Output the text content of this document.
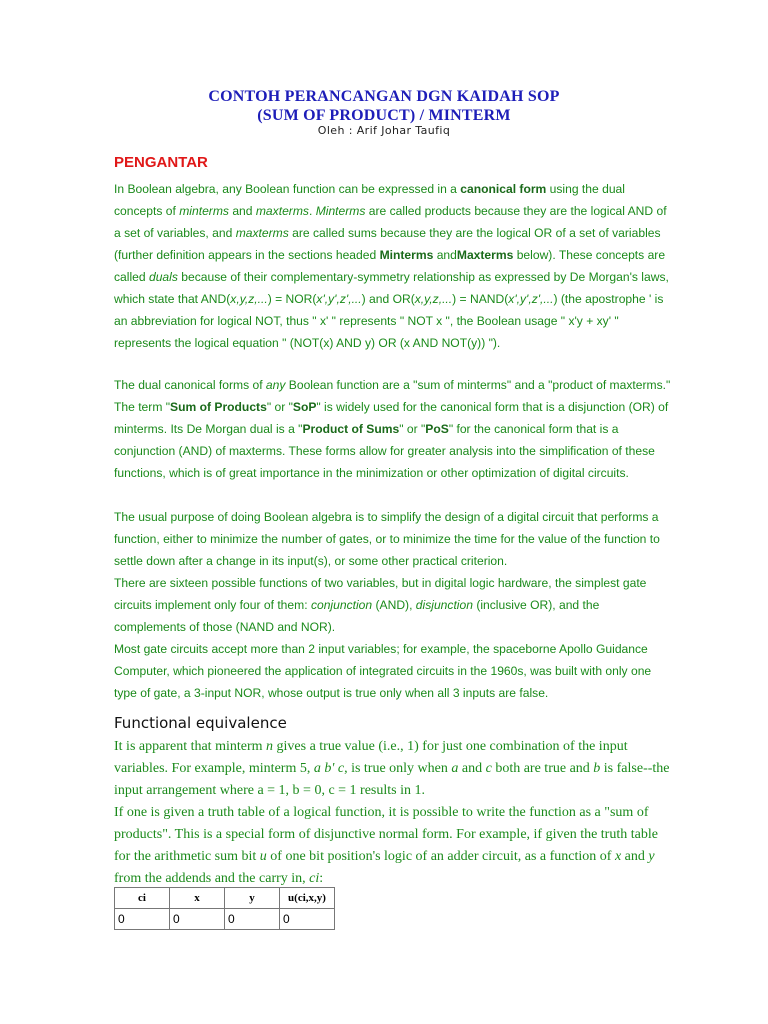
CONTOH PERANCANGAN DGN KAIDAH SOP
(SUM OF PRODUCT) / MINTERM
Oleh : Arif Johar Taufiq
PENGANTAR

In Boolean algebra, any Boolean function can be expressed in a canonical form using the dual concepts of minterms and maxterms. Minterms are called products because they are the logical AND of a set of variables, and maxterms are called sums because they are the logical OR of a set of variables (further definition appears in the sections headed Minterms andMaxterms below). These concepts are called duals because of their complementary-symmetry relationship as expressed by De Morgan's laws, which state that AND(x,y,z,...) = NOR(x',y',z',...) and OR(x,y,z,...) = NAND(x',y',z',...) (the apostrophe ' is an abbreviation for logical NOT, thus " x' " represents " NOT x ", the Boolean usage " x'y + xy' " represents the logical equation " (NOT(x) AND y) OR (x AND NOT(y)) ").

The dual canonical forms of any Boolean function are a "sum of minterms" and a "product of maxterms." The term "Sum of Products" or "SoP" is widely used for the canonical form that is a disjunction (OR) of minterms. Its De Morgan dual is a "Product of Sums" or "PoS" for the canonical form that is a conjunction (AND) of maxterms. These forms allow for greater analysis into the simplification of these functions, which is of great importance in the minimization or other optimization of digital circuits.

The usual purpose of doing Boolean algebra is to simplify the design of a digital circuit that performs a function, either to minimize the number of gates, or to minimize the time for the value of the function to settle down after a change in its input(s), or some other practical criterion.

There are sixteen possible functions of two variables, but in digital logic hardware, the simplest gate circuits implement only four of them: conjunction (AND), disjunction (inclusive OR), and the complements of those (NAND and NOR).

Most gate circuits accept more than 2 input variables; for example, the spaceborne Apollo Guidance Computer, which pioneered the application of integrated circuits in the 1960s, was built with only one type of gate, a 3-input NOR, whose output is true only when all 3 inputs are false.

Functional equivalence

It is apparent that minterm n gives a true value (i.e., 1) for just one combination of the input variables. For example, minterm 5, a b' c, is true only when a and c both are true and b is false--the input arrangement where a = 1, b = 0, c = 1 results in 1.

If one is given a truth table of a logical function, it is possible to write the function as a "sum of products". This is a special form of disjunctive normal form. For example, if given the truth table for the arithmetic sum bit u of one bit position's logic of an adder circuit, as a function of x and y from the addends and the carry in, ci:

ci	x	y	u(ci,x,y)
0	0	0	0
